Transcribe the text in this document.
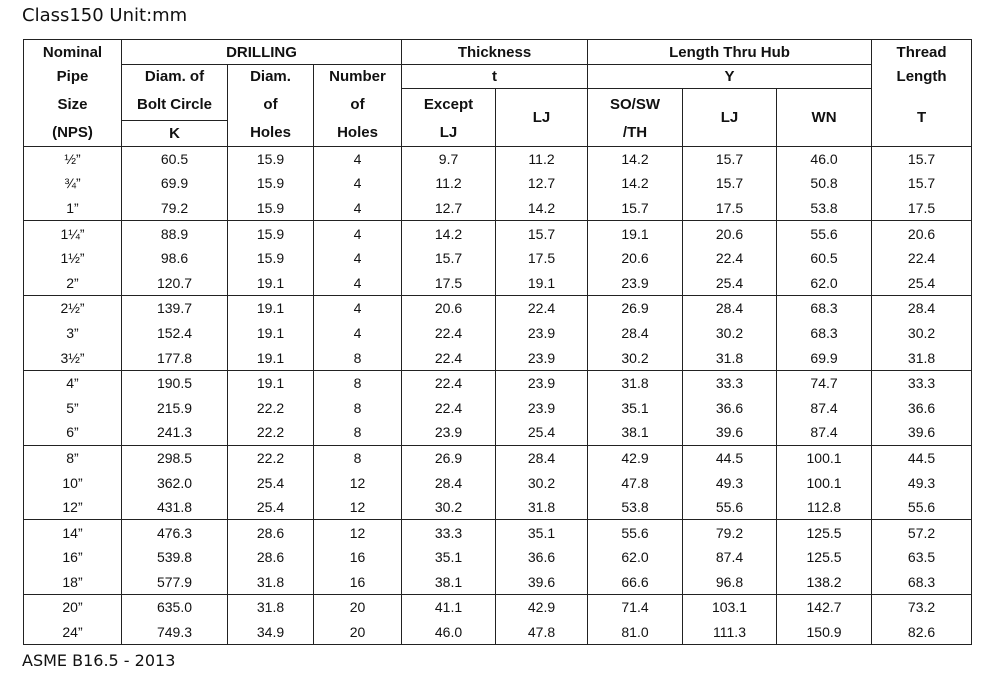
Class150 Unit:mm
Nominal	DRILLING			Thickness		Length Thru Hub			Thread
Pipe	Diam. of	Diam.	Number	t		Y			Length
Size	Bolt Circle	of	of	Except	LJ	SO/SW	LJ	WN	T
(NPS)	K	Holes	Holes	LJ		/TH			
½”	60.5	15.9	4	9.7	11.2	14.2	15.7	46.0	15.7
¾”	69.9	15.9	4	11.2	12.7	14.2	15.7	50.8	15.7
1”	79.2	15.9	4	12.7	14.2	15.7	17.5	53.8	17.5
1¼”	88.9	15.9	4	14.2	15.7	19.1	20.6	55.6	20.6
1½”	98.6	15.9	4	15.7	17.5	20.6	22.4	60.5	22.4
2”	120.7	19.1	4	17.5	19.1	23.9	25.4	62.0	25.4
2½”	139.7	19.1	4	20.6	22.4	26.9	28.4	68.3	28.4
3”	152.4	19.1	4	22.4	23.9	28.4	30.2	68.3	30.2
3½”	177.8	19.1	8	22.4	23.9	30.2	31.8	69.9	31.8
4”	190.5	19.1	8	22.4	23.9	31.8	33.3	74.7	33.3
5”	215.9	22.2	8	22.4	23.9	35.1	36.6	87.4	36.6
6”	241.3	22.2	8	23.9	25.4	38.1	39.6	87.4	39.6
8”	298.5	22.2	8	26.9	28.4	42.9	44.5	100.1	44.5
10”	362.0	25.4	12	28.4	30.2	47.8	49.3	100.1	49.3
12”	431.8	25.4	12	30.2	31.8	53.8	55.6	112.8	55.6
14”	476.3	28.6	12	33.3	35.1	55.6	79.2	125.5	57.2
16”	539.8	28.6	16	35.1	36.6	62.0	87.4	125.5	63.5
18”	577.9	31.8	16	38.1	39.6	66.6	96.8	138.2	68.3
20”	635.0	31.8	20	41.1	42.9	71.4	103.1	142.7	73.2
24”	749.3	34.9	20	46.0	47.8	81.0	111.3	150.9	82.6
ASME B16.5 - 2013
